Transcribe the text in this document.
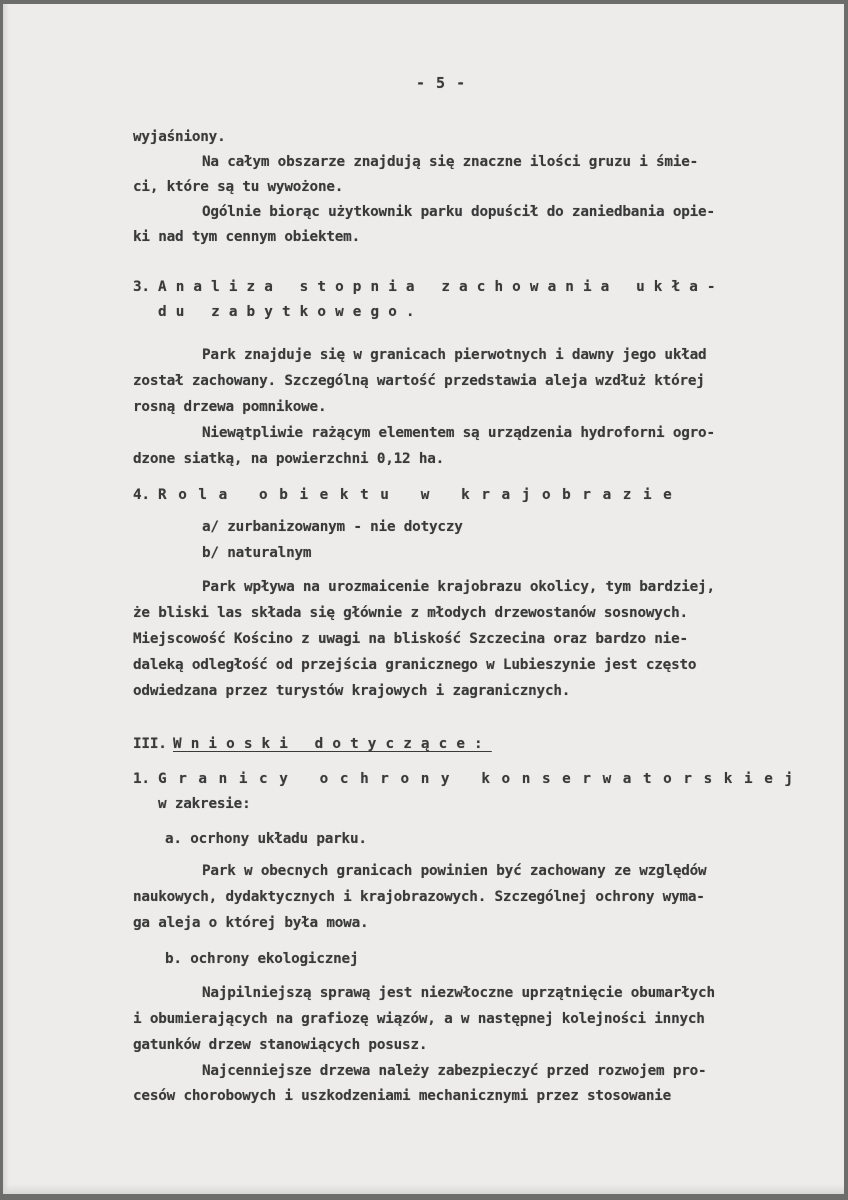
- 5 -

wyjaśniony.

Na całym obszarze znajdują się znaczne ilości gruzu i śmie-

ci, które są tu wywożone.

Ogólnie biorąc użytkownik parku dopuścił do zaniedbania opie-

ki nad tym cennym obiektem.

3. Analiza stopnia zachowania ukła-

du zabytkowego.

Park znajduje się w granicach pierwotnych i dawny jego układ

został zachowany. Szczególną wartość przedstawia aleja wzdłuż której

rosną drzewa pomnikowe.

Niewątpliwie rażącym elementem są urządzenia hydroforni ogro-

dzone siatką, na powierzchni 0,12 ha.

4. Rola obiektu w krajobrazie

a/ zurbanizowanym - nie dotyczy

b/ naturalnym

Park wpływa na urozmaicenie krajobrazu okolicy, tym bardziej,

że bliski las składa się głównie z młodych drzewostanów sosnowych.

Miejscowość Kościno z uwagi na bliskość Szczecina oraz bardzo nie-

daleką odległość od przejścia granicznego w Lubieszynie jest często

odwiedzana przez turystów krajowych i zagranicznych.

III. Wnioski dotyczące:

1. Granicy ochrony konserwatorskiej

w zakresie:

a. ocrhony układu parku.

Park w obecnych granicach powinien być zachowany ze względów

naukowych, dydaktycznych i krajobrazowych. Szczególnej ochrony wyma-

ga aleja o której była mowa.

b. ochrony ekologicznej

Najpilniejszą sprawą jest niezwłoczne uprzątnięcie obumarłych

i obumierających na grafiozę wiązów, a w następnej kolejności innych

gatunków drzew stanowiących posusz.

Najcenniejsze drzewa należy zabezpieczyć przed rozwojem pro-

cesów chorobowych i uszkodzeniami mechanicznymi przez stosowanie
